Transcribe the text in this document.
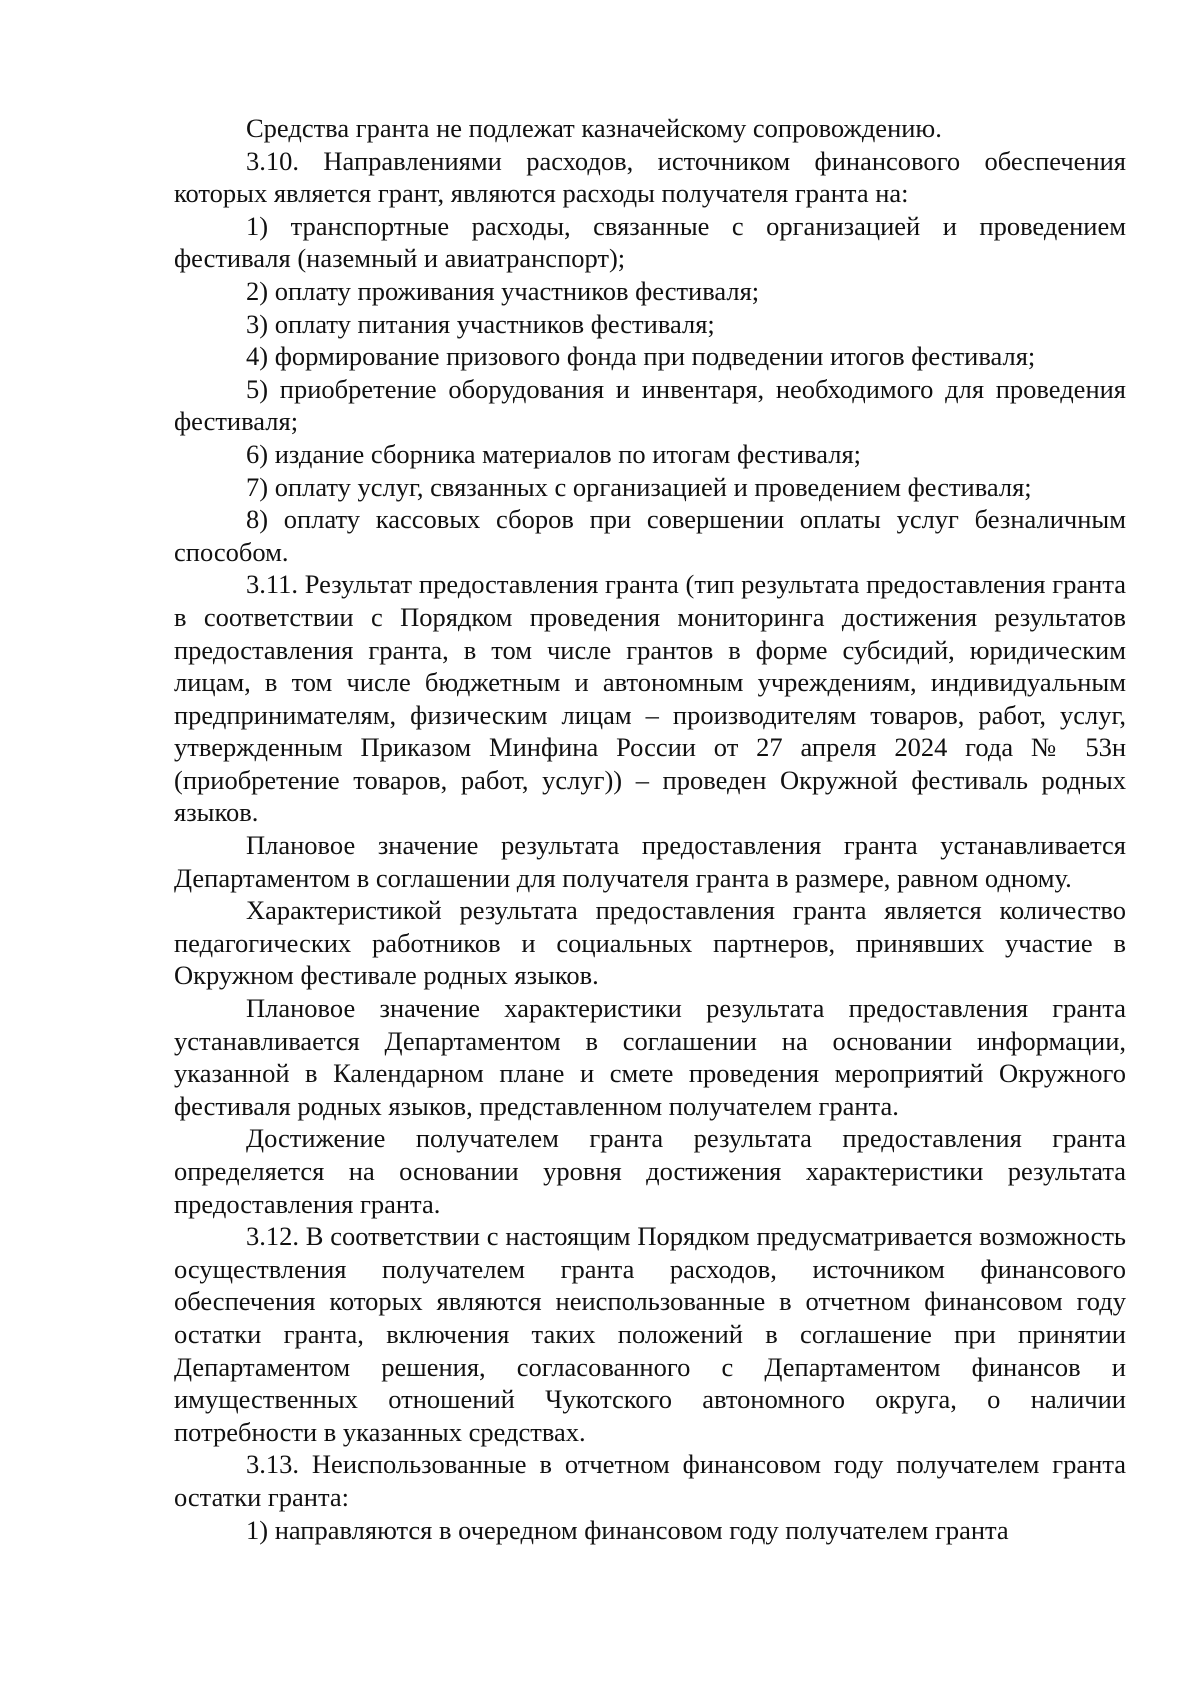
Средства гранта не подлежат казначейскому сопровождению.

3.10. Направлениями расходов, источником финансового обеспечения которых является грант, являются расходы получателя гранта на:

1) транспортные расходы, связанные с организацией и проведением фестиваля (наземный и авиатранспорт);

2) оплату проживания участников фестиваля;

3) оплату питания участников фестиваля;

4) формирование призового фонда при подведении итогов фестиваля;

5) приобретение оборудования и инвентаря, необходимого для проведения фестиваля;

6) издание сборника материалов по итогам фестиваля;

7) оплату услуг, связанных с организацией и проведением фестиваля;

8) оплату кассовых сборов при совершении оплаты услуг безналичным способом.

3.11. Результат предоставления гранта (тип результата предоставления гранта в соответствии с Порядком проведения мониторинга достижения результатов предоставления гранта, в том числе грантов в форме субсидий, юридическим лицам, в том числе бюджетным и автономным учреждениям, индивидуальным предпринимателям, физическим лицам – производителям товаров, работ, услуг, утвержденным Приказом Минфина России от 27 апреля 2024 года № 53н (приобретение товаров, работ, услуг)) – проведен Окружной фестиваль родных языков.

Плановое значение результата предоставления гранта устанавливается Департаментом в соглашении для получателя гранта в размере, равном одному.

Характеристикой результата предоставления гранта является количество педагогических работников и социальных партнеров, принявших участие в Окружном фестивале родных языков.

Плановое значение характеристики результата предоставления гранта устанавливается Департаментом в соглашении на основании информации, указанной в Календарном плане и смете проведения мероприятий Окружного фестиваля родных языков, представленном получателем гранта.

Достижение получателем гранта результата предоставления гранта определяется на основании уровня достижения характеристики результата предоставления гранта.

3.12. В соответствии с настоящим Порядком предусматривается возможность осуществления получателем гранта расходов, источником финансового обеспечения которых являются неиспользованные в отчетном финансовом году остатки гранта, включения таких положений в соглашение при принятии Департаментом решения, согласованного с Департаментом финансов и имущественных отношений Чукотского автономного округа, о наличии потребности в указанных средствах.

3.13. Неиспользованные в отчетном финансовом году получателем гранта остатки гранта:

1) направляются в очередном финансовом году получателем гранта
